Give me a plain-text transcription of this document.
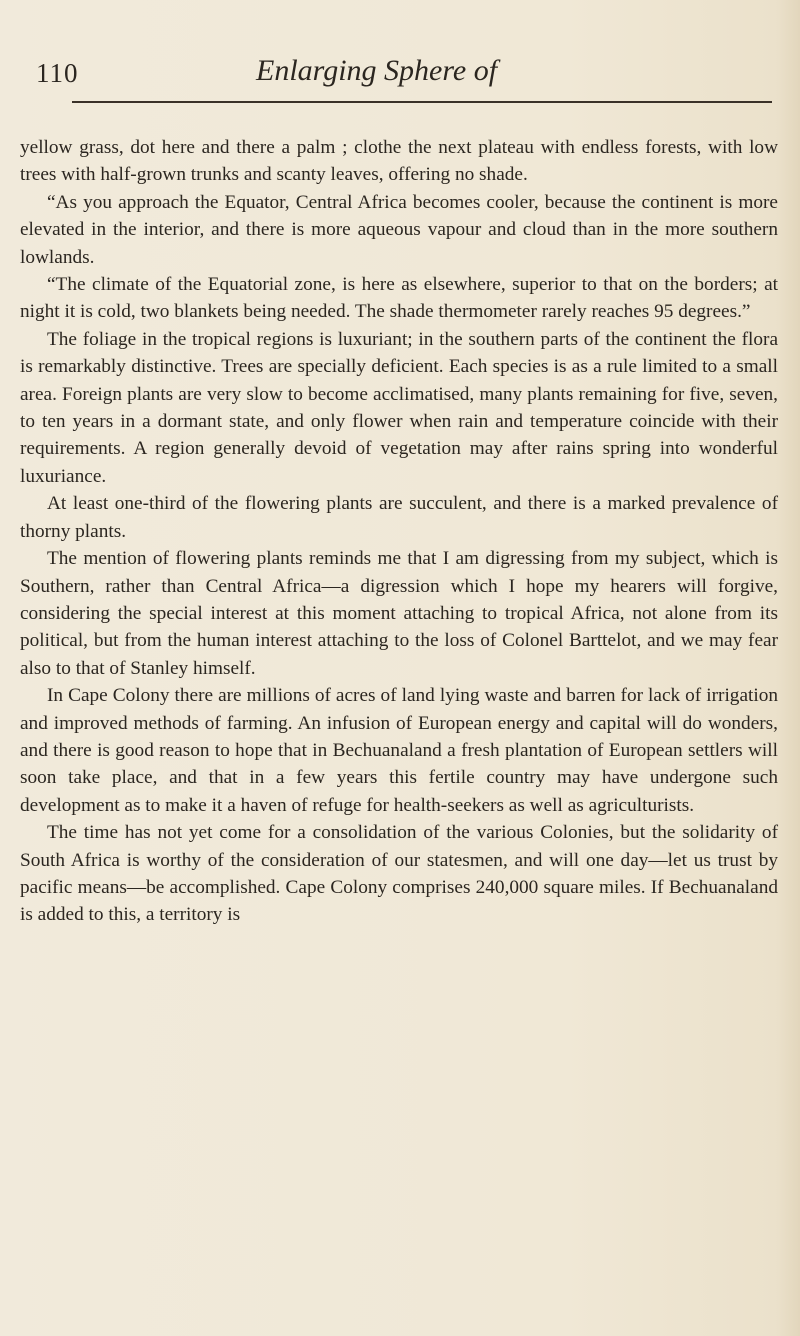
110	Enlarging Sphere of

yellow grass, dot here and there a palm ; clothe the next plateau with endless forests, with low trees with half-grown trunks and scanty leaves, offering no shade.

“As you approach the Equator, Central Africa becomes cooler, because the continent is more elevated in the interior, and there is more aqueous vapour and cloud than in the more southern lowlands.

“The climate of the Equatorial zone, is here as elsewhere, superior to that on the borders; at night it is cold, two blankets being needed. The shade thermometer rarely reaches 95 degrees.”

The foliage in the tropical regions is luxuriant; in the southern parts of the continent the flora is remarkably distinctive. Trees are specially deficient. Each species is as a rule limited to a small area. Foreign plants are very slow to become acclimatised, many plants remaining for five, seven, to ten years in a dormant state, and only flower when rain and temperature coincide with their requirements. A region generally devoid of vegetation may after rains spring into wonderful luxuriance.

At least one-third of the flowering plants are succulent, and there is a marked prevalence of thorny plants.

The mention of flowering plants reminds me that I am digressing from my subject, which is Southern, rather than Central Africa—a digression which I hope my hearers will forgive, considering the special interest at this moment attaching to tropical Africa, not alone from its political, but from the human interest attaching to the loss of Colonel Barttelot, and we may fear also to that of Stanley himself.

In Cape Colony there are millions of acres of land lying waste and barren for lack of irrigation and improved methods of farming. An infusion of European energy and capital will do wonders, and there is good reason to hope that in Bechuanaland a fresh plantation of European settlers will soon take place, and that in a few years this fertile country may have undergone such development as to make it a haven of refuge for health-seekers as well as agriculturists.

The time has not yet come for a consolidation of the various Colonies, but the solidarity of South Africa is worthy of the consideration of our statesmen, and will one day—let us trust by pacific means—be accomplished. Cape Colony comprises 240,000 square miles. If Bechuanaland is added to this, a territory is
